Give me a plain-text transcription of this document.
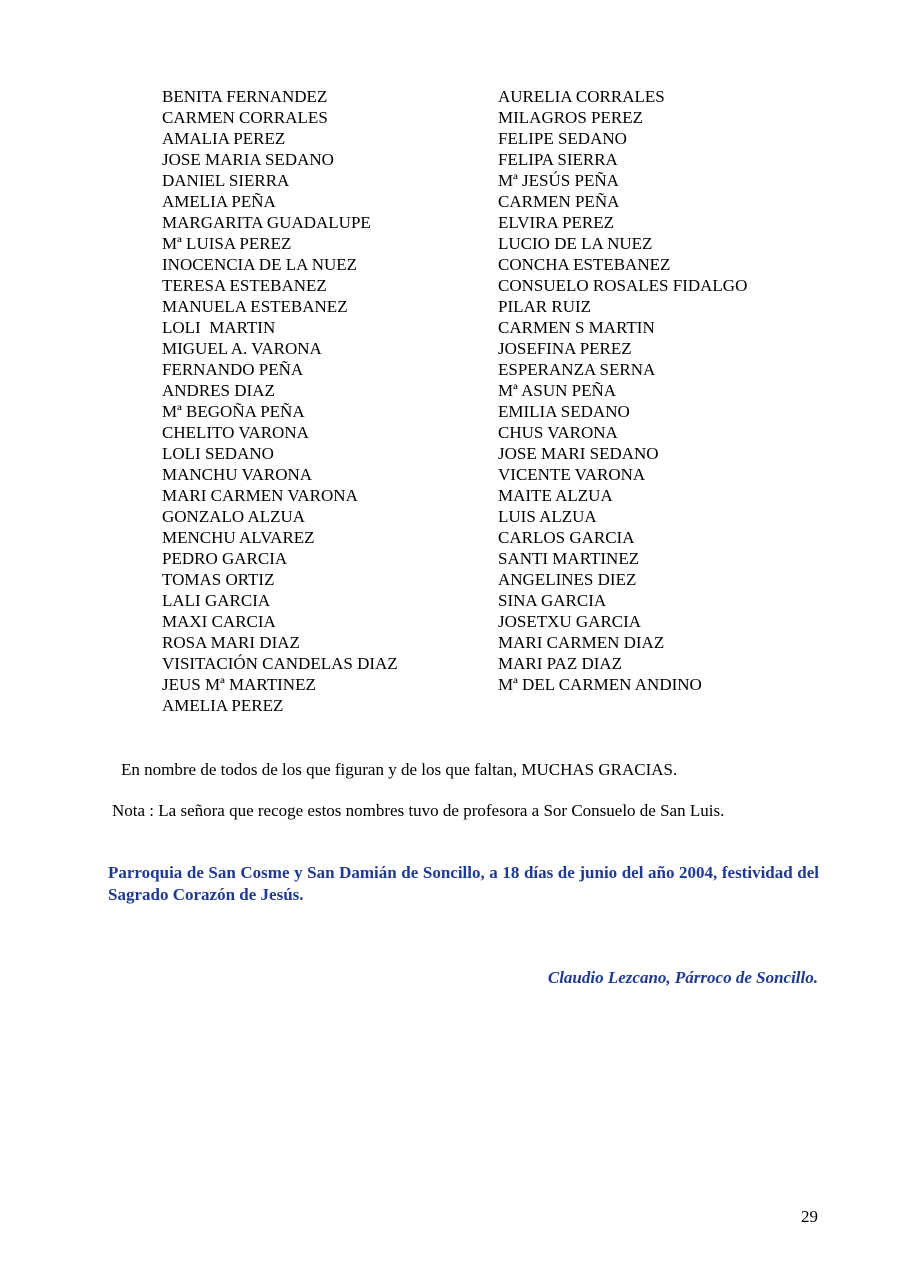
BENITA FERNANDEZ
CARMEN CORRALES
AMALIA PEREZ
JOSE MARIA SEDANO
DANIEL SIERRA
AMELIA PEÑA
MARGARITA GUADALUPE
Mª LUISA PEREZ
INOCENCIA DE LA NUEZ
TERESA ESTEBANEZ
MANUELA ESTEBANEZ
LOLI  MARTIN
MIGUEL A. VARONA
FERNANDO PEÑA
ANDRES DIAZ
Mª BEGOÑA PEÑA
CHELITO VARONA
LOLI SEDANO
MANCHU VARONA
MARI CARMEN VARONA
GONZALO ALZUA
MENCHU ALVAREZ
PEDRO GARCIA
TOMAS ORTIZ
LALI GARCIA
MAXI CARCIA
ROSA MARI DIAZ
VISITACIÓN CANDELAS DIAZ
JEUS Mª MARTINEZ
AMELIA PEREZ
AURELIA CORRALES
MILAGROS PEREZ
FELIPE SEDANO
FELIPA SIERRA
Mª JESÚS PEÑA
CARMEN PEÑA
ELVIRA PEREZ
LUCIO DE LA NUEZ
CONCHA ESTEBANEZ
CONSUELO ROSALES FIDALGO
PILAR RUIZ
CARMEN S MARTIN
JOSEFINA PEREZ
ESPERANZA SERNA
Mª ASUN PEÑA
EMILIA SEDANO
CHUS VARONA
JOSE MARI SEDANO
VICENTE VARONA
MAITE ALZUA
LUIS ALZUA
CARLOS GARCIA
SANTI MARTINEZ
ANGELINES DIEZ
SINA GARCIA
JOSETXU GARCIA
MARI CARMEN DIAZ
MARI PAZ DIAZ
Mª DEL CARMEN ANDINO
En nombre de todos de los que figuran y de los que faltan, MUCHAS GRACIAS.
Nota : La señora que recoge estos nombres tuvo de profesora a Sor Consuelo de San Luis.
Parroquia de San Cosme y San Damián de Soncillo, a 18 días de junio del año 2004, festividad del Sagrado Corazón de Jesús.
Claudio Lezcano, Párroco de Soncillo.
29
